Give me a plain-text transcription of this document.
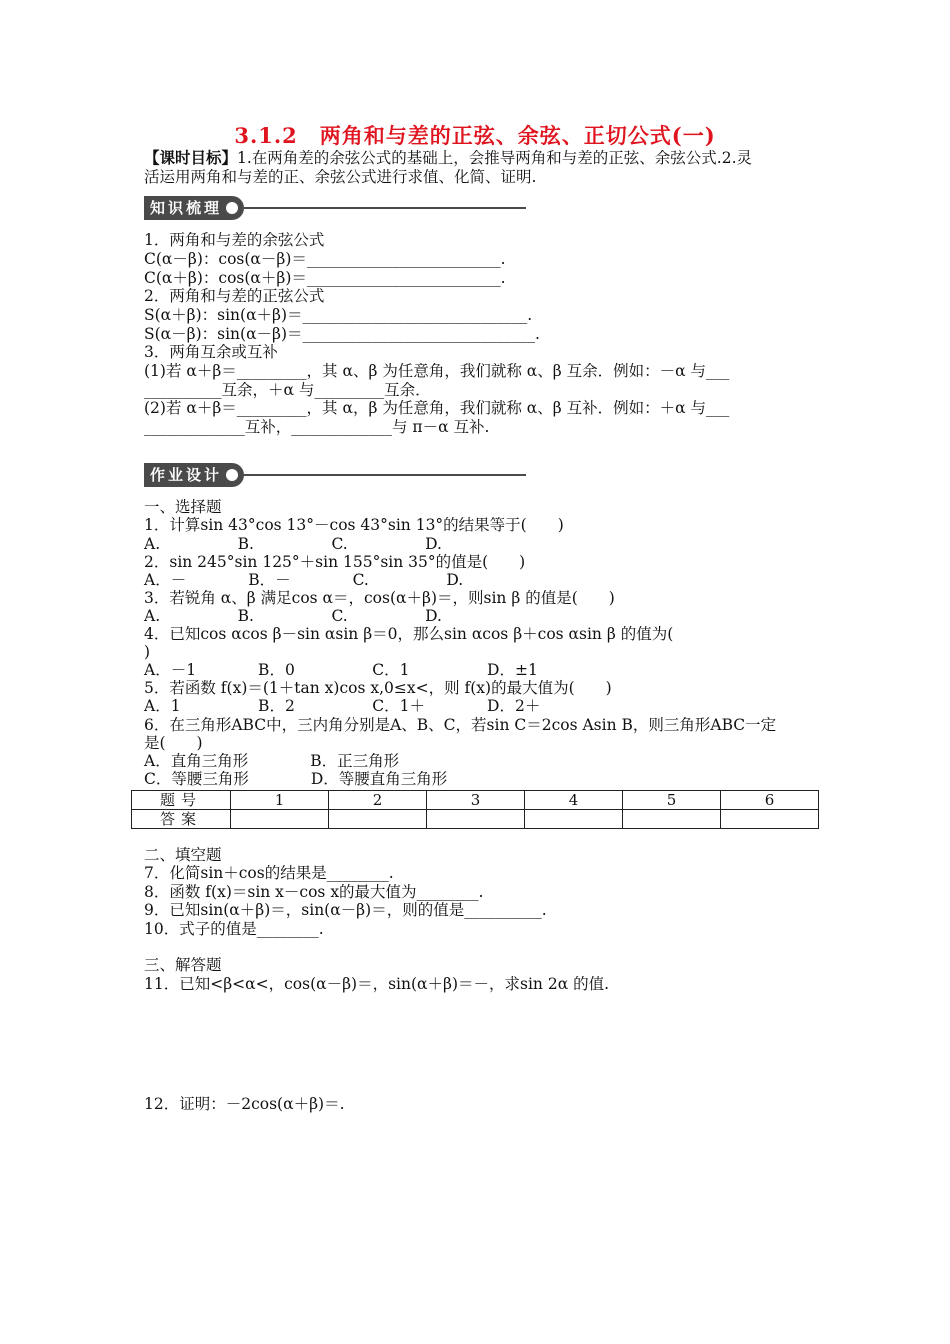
3.1.2　两角和与差的正弦、余弦、正切公式(一)
【课时目标】1.在两角差的余弦公式的基础上，会推导两角和与差的正弦、余弦公式.2.灵
活运用两角和与差的正、余弦公式进行求值、化简、证明.
知识梳理
1．两角和与差的余弦公式
C(α－β)：cos(α－β)＝_________________________.
C(α＋β)：cos(α＋β)＝_________________________.
2．两角和与差的正弦公式
S(α＋β)：sin(α＋β)＝_____________________________.
S(α－β)：sin(α－β)＝______________________________.
3．两角互余或互补
(1)若 α＋β＝_________，其 α、β 为任意角，我们就称 α、β 互余．例如：－α 与___
__________互余，＋α 与_________互余．
(2)若 α＋β＝_________，其 α，β 为任意角，我们就称 α、β 互补．例如：＋α 与___
_____________互补，_____________与 π－α 互补.
作业设计
一、选择题
1．计算sin 43°cos 13°－cos 43°sin 13°的结果等于(　　)
A.　　　　　B.　　　　　C.　　　　　D.
2．sin 245°sin 125°＋sin 155°sin 35°的值是(　　)
A．－　　　　B．－　　　　C.　　　　　D.
3．若锐角 α、β 满足cos α＝，cos(α＋β)＝，则sin β 的值是(　　)
A.　　　　　B.　　　　　C.　　　　　D.
4．已知cos αcos β－sin αsin β＝0，那么sin αcos β＋cos αsin β 的值为(
)
A．－1　　　　B．0　　　　　C．1　　　　　D．±1
5．若函数 f(x)＝(1＋tan x)cos x,0≤x<，则 f(x)的最大值为(　　)
A．1　　　　　B．2　　　　　C．1＋　　　　D．2＋
6．在三角形ABC中，三内角分别是A、B、C，若sin C＝2cos Asin B，则三角形ABC一定
是(　　)
A．直角三角形　　　　B．正三角形
C．等腰三角形　　　　D．等腰直角三角形
题号	1	2	3	4	5	6
答案						
二、填空题
7．化简sin＋cos的结果是________.
8．函数 f(x)＝sin x－cos x的最大值为________.
9．已知sin(α＋β)＝，sin(α－β)＝，则的值是__________.
10．式子的值是________.
三、解答题
11．已知<β<α<，cos(α－β)＝，sin(α＋β)＝－，求sin 2α 的值.
12．证明：－2cos(α＋β)＝.
